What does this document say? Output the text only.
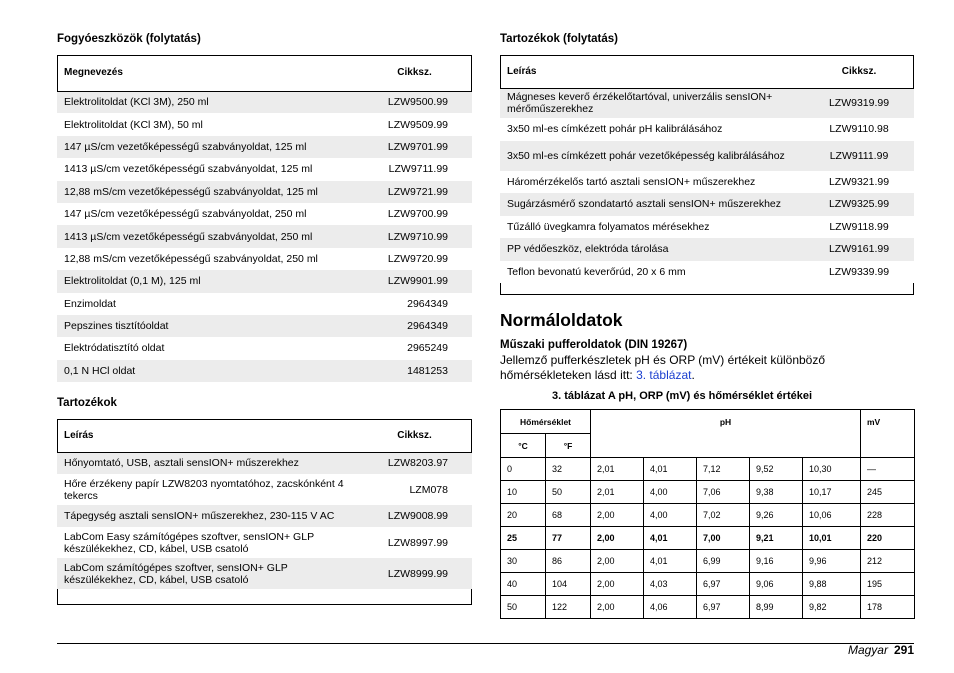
Fogyóeszközök (folytatás)
Megnevezés	Cikksz.
Elektrolitoldat (KCl 3M), 250 ml	LZW9500.99
Elektrolitoldat (KCl 3M), 50 ml	LZW9509.99
147 µS/cm vezetőképességű szabványoldat, 125 ml	LZW9701.99
1413 µS/cm vezetőképességű szabványoldat, 125 ml	LZW9711.99
12,88 mS/cm vezetőképességű szabványoldat, 125 ml	LZW9721.99
147 µS/cm vezetőképességű szabványoldat, 250 ml	LZW9700.99
1413 µS/cm vezetőképességű szabványoldat, 250 ml	LZW9710.99
12,88 mS/cm vezetőképességű szabványoldat, 250 ml	LZW9720.99
Elektrolitoldat (0,1 M), 125 ml	LZW9901.99
Enzimoldat	2964349
Pepszines tisztítóoldat	2964349
Elektródatisztító oldat	2965249
0,1 N HCl oldat	1481253
Tartozékok
Leírás	Cikksz.
Hőnyomtató, USB, asztali sensION+ műszerekhez	LZW8203.97
Hőre érzékeny papír LZW8203 nyomtatóhoz, zacskónként 4 tekercs	LZM078
Tápegység asztali sensION+ műszerekhez, 230-115 V AC	LZW9008.99
LabCom Easy számítógépes szoftver, sensION+ GLP készülékekhez, CD, kábel, USB csatoló	LZW8997.99
LabCom számítógépes szoftver, sensION+ GLP készülékekhez, CD, kábel, USB csatoló	LZW8999.99
Tartozékok (folytatás)
Leírás	Cikksz.
Mágneses keverő érzékelőtartóval, univerzális sensION+ mérőműszerekhez	LZW9319.99
3x50 ml-es címkézett pohár pH kalibrálásához	LZW9110.98
3x50 ml-es címkézett pohár vezetőképesség kalibrálásához	LZW9111.99
Háromérzékelős tartó asztali sensION+ műszerekhez	LZW9321.99
Sugárzásmérő szondatartó asztali sensION+ műszerekhez	LZW9325.99
Tűzálló üvegkamra folyamatos mérésekhez	LZW9118.99
PP védőeszköz, elektróda tárolása	LZW9161.99
Teflon bevonatú keverőrúd, 20 x 6 mm	LZW9339.99
Normáloldatok
Műszaki pufferoldatok (DIN 19267)
Jellemző pufferkészletek pH és ORP (mV) értékeit különböző hőmérsékleteken lásd itt: 3. táblázat.
3. táblázat A pH, ORP (mV) és hőmérséklet értékei
Hőmérséklet		pH					mV
°C	°F						
0	32	2,01	4,01	7,12	9,52	10,30	—
10	50	2,01	4,00	7,06	9,38	10,17	245
20	68	2,00	4,00	7,02	9,26	10,06	228
25	77	2,00	4,01	7,00	9,21	10,01	220
30	86	2,00	4,01	6,99	9,16	9,96	212
40	104	2,00	4,03	6,97	9,06	9,88	195
50	122	2,00	4,06	6,97	8,99	9,82	178
Magyar 291
